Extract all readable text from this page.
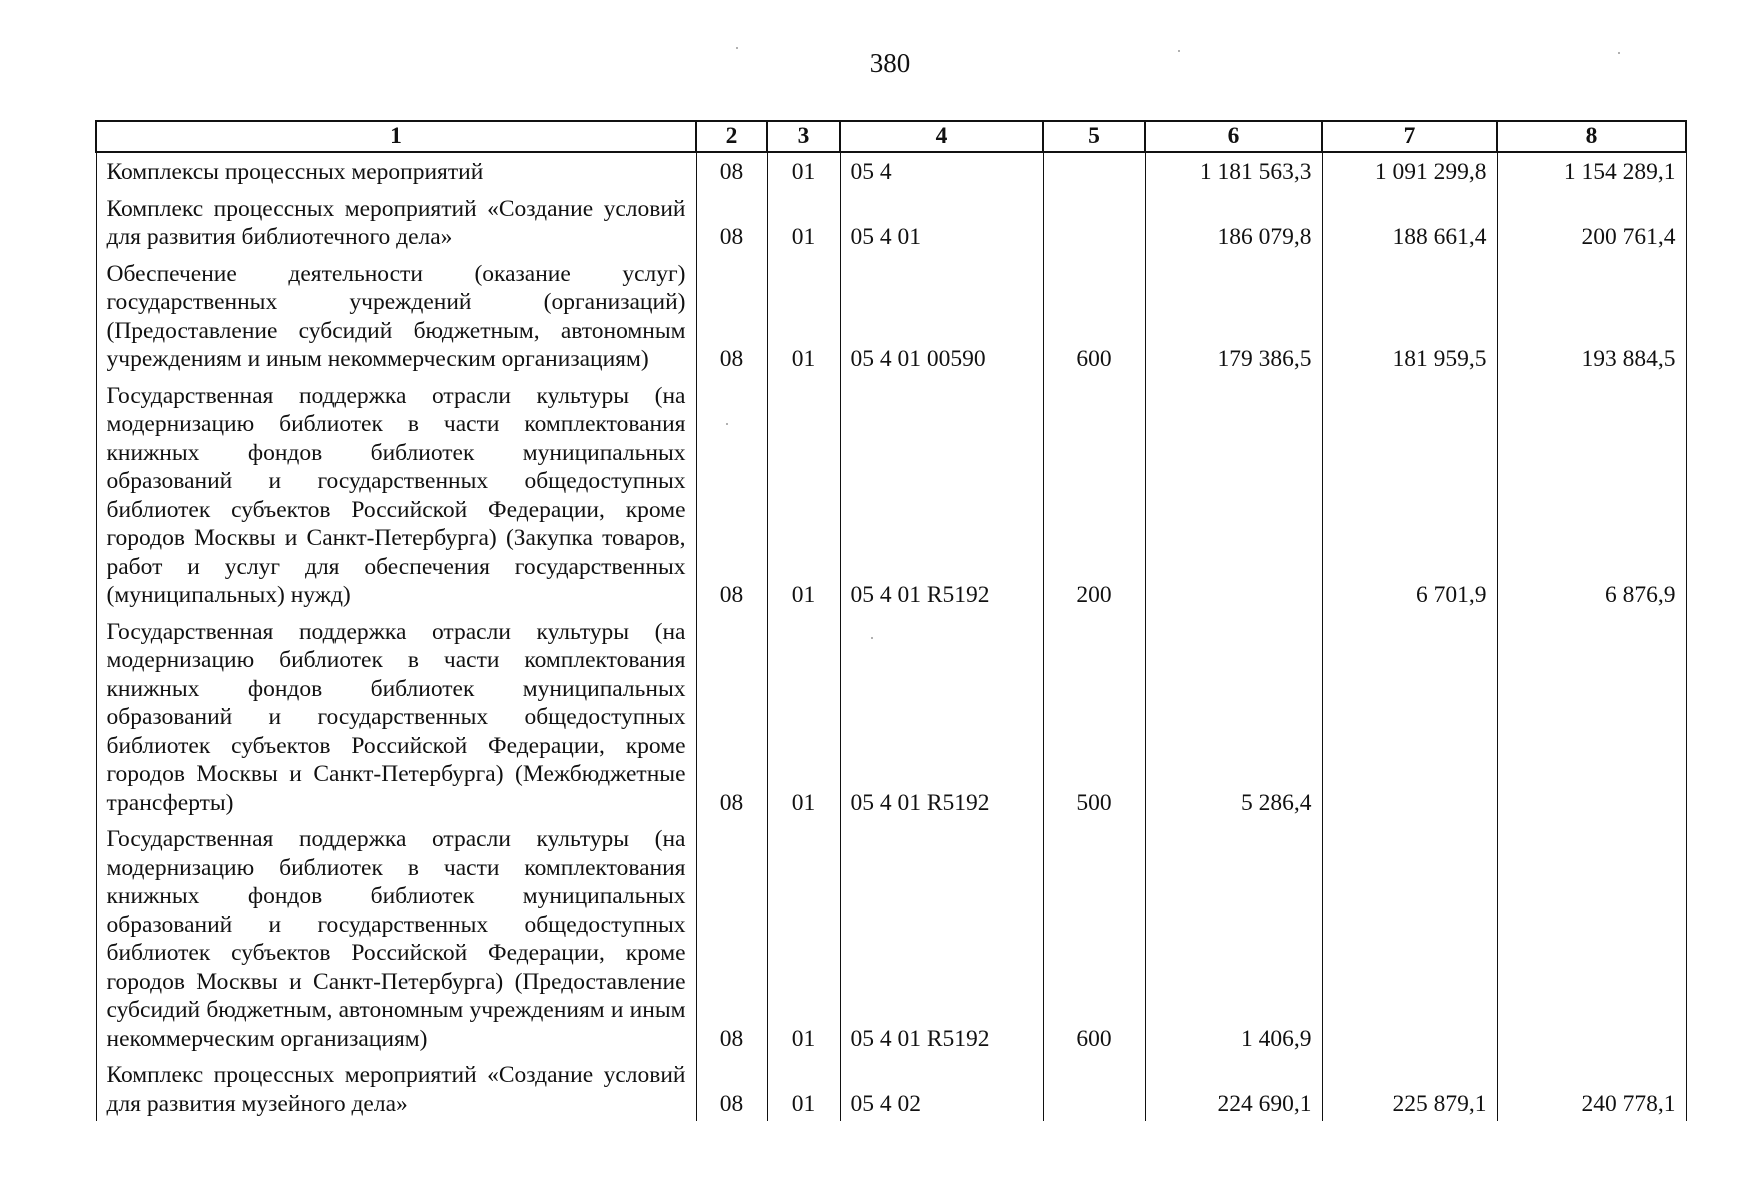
380
1	2	3	4	5	6	7	8
Комплексы процессных мероприятий	08	01	05 4		1 181 563,3	1 091 299,8	1 154 289,1
Комплекс процессных мероприятий «Создание условий для развития библиотечного дела»	08	01	05 4 01		186 079,8	188 661,4	200 761,4
Обеспечение деятельности (оказание услуг) государственных учреждений (организаций) (Предоставление субсидий бюджетным, автономным учреждениям и иным некоммерческим организациям)	08	01	05 4 01 00590	600	179 386,5	181 959,5	193 884,5
Государственная поддержка отрасли культуры (на модернизацию библиотек в части комплектования книжных фондов библиотек муниципальных образований и государственных общедоступных библиотек субъектов Российской Федерации, кроме городов Москвы и Санкт-Петербурга) (Закупка товаров, работ и услуг для обеспечения государственных (муниципальных) нужд)	08	01	05 4 01 R5192	200		6 701,9	6 876,9
Государственная поддержка отрасли культуры (на модернизацию библиотек в части комплектования книжных фондов библиотек муниципальных образований и государственных общедоступных библиотек субъектов Российской Федерации, кроме городов Москвы и Санкт-Петербурга) (Межбюджетные трансферты)	08	01	05 4 01 R5192	500	5 286,4		
Государственная поддержка отрасли культуры (на модернизацию библиотек в части комплектования книжных фондов библиотек муниципальных образований и государственных общедоступных библиотек субъектов Российской Федерации, кроме городов Москвы и Санкт-Петербурга) (Предоставление субсидий бюджетным, автономным учреждениям и иным некоммерческим организациям)	08	01	05 4 01 R5192	600	1 406,9		
Комплекс процессных мероприятий «Создание условий для развития музейного дела»	08	01	05 4 02		224 690,1	225 879,1	240 778,1
